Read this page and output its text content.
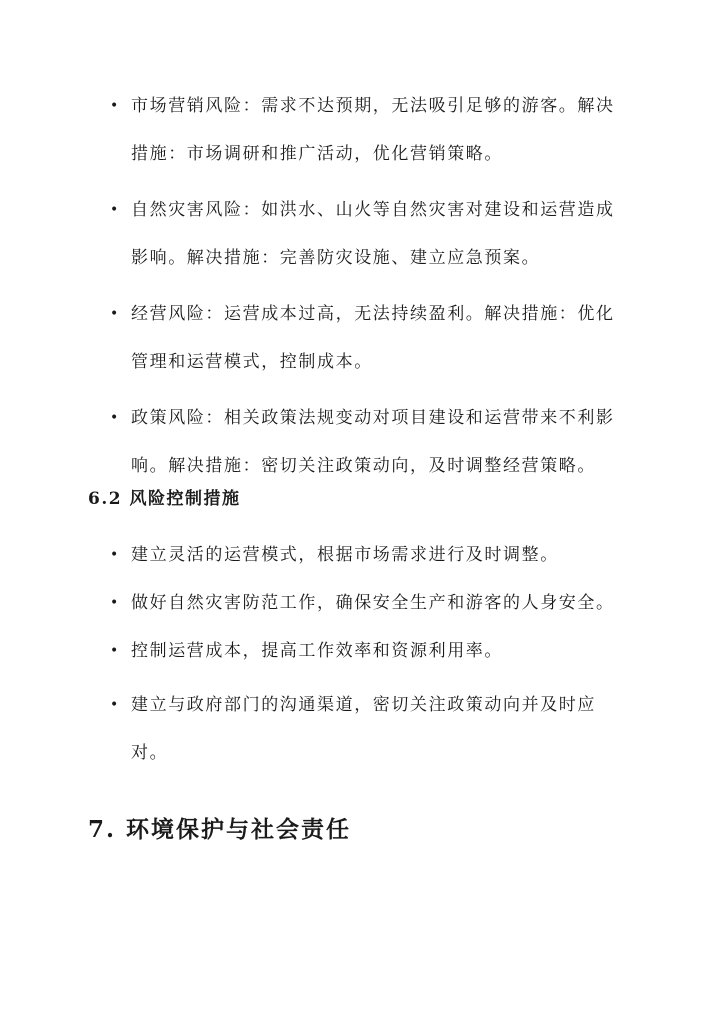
• 市场营销风险：需求不达预期，无法吸引足够的游客。解决措施：市场调研和推广活动，优化营销策略。
• 自然灾害风险：如洪水、山火等自然灾害对建设和运营造成影响。解决措施：完善防灾设施、建立应急预案。
• 经营风险：运营成本过高，无法持续盈利。解决措施：优化管理和运营模式，控制成本。
• 政策风险：相关政策法规变动对项目建设和运营带来不利影响。解决措施：密切关注政策动向，及时调整经营策略。
6.2 风险控制措施
• 建立灵活的运营模式，根据市场需求进行及时调整。
• 做好自然灾害防范工作，确保安全生产和游客的人身安全。
• 控制运营成本，提高工作效率和资源利用率。
• 建立与政府部门的沟通渠道，密切关注政策动向并及时应对。
7. 环境保护与社会责任
